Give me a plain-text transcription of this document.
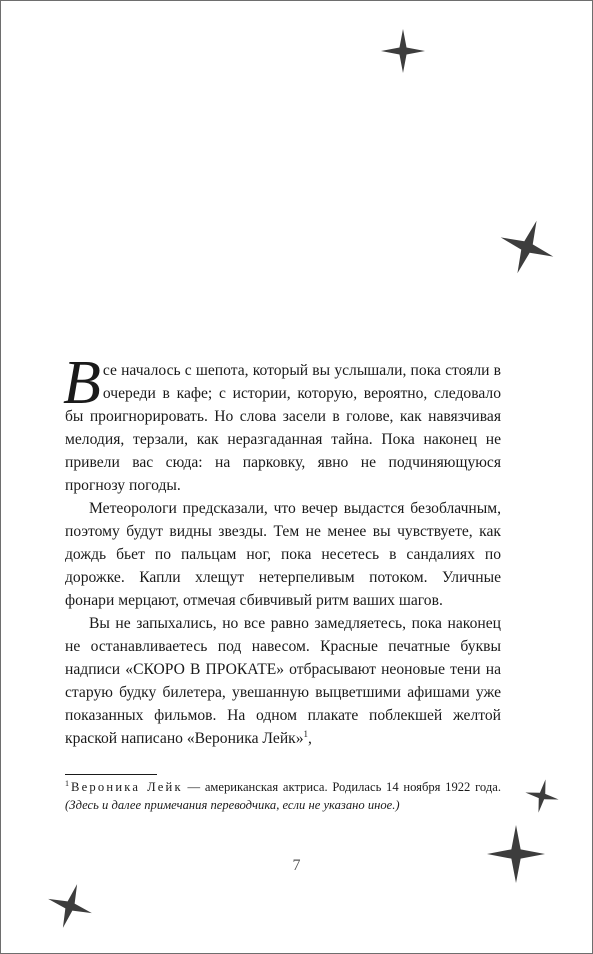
Все началось с шепота, который вы услышали, пока стояли в очереди в кафе; с истории, которую, вероятно, следовало бы проигнорировать. Но слова засели в голове, как навязчивая мелодия, терзали, как неразгаданная тайна. Пока наконец не привели вас сюда: на парковку, явно не подчиняющуюся прогнозу погоды.

Метеорологи предсказали, что вечер выдастся безоблачным, поэтому будут видны звезды. Тем не менее вы чувствуете, как дождь бьет по пальцам ног, пока несетесь в сандалиях по дорожке. Капли хлещут нетерпеливым потоком. Уличные фонари мерцают, отмечая сбивчивый ритм ваших шагов.

Вы не запыхались, но все равно замедляетесь, пока наконец не останавливаетесь под навесом. Красные печатные буквы надписи «СКОРО В ПРОКАТЕ» отбрасывают неоновые тени на старую будку билетера, увешанную выцветшими афишами уже показанных фильмов. На одном плакате поблекшей желтой краской написано «Вероника Лейк»$^1$,

$^1$ Вероника Лейк — американская актриса. Родилась 14 ноября 1922 года. (Здесь и далее примечания переводчика, если не указано иное.)
7
